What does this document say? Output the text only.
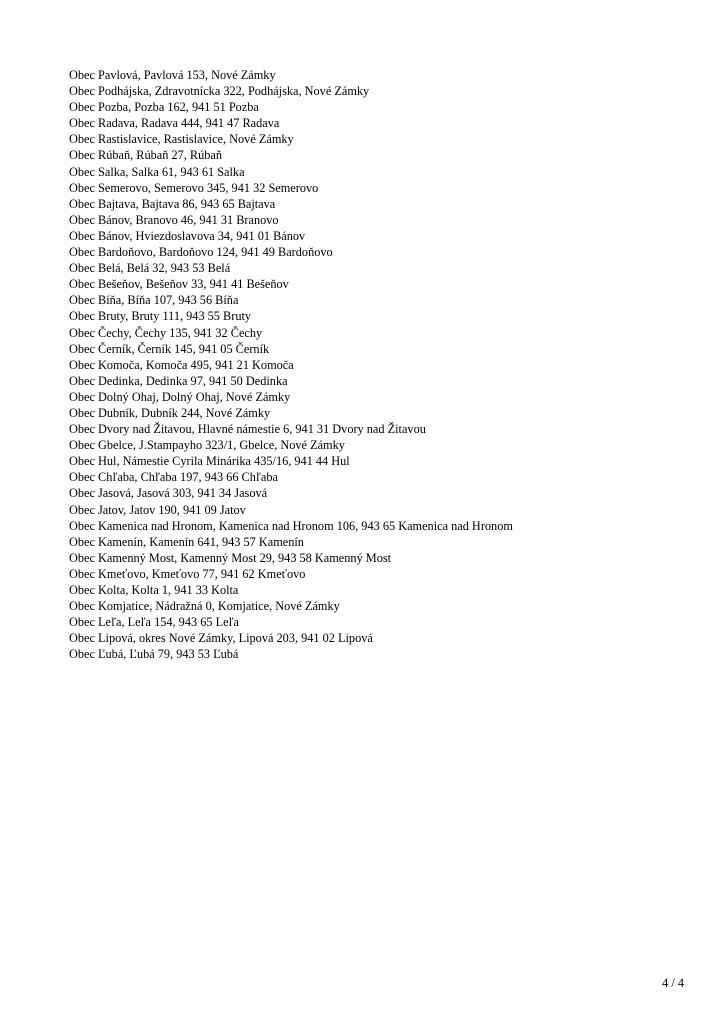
Obec Pavlová, Pavlová 153, Nové Zámky
Obec Podhájska, Zdravotnícka 322, Podhájska, Nové Zámky
Obec Pozba, Pozba 162, 941 51 Pozba
Obec Radava, Radava 444, 941 47 Radava
Obec Rastislavice, Rastislavice, Nové Zámky
Obec Rúbaň, Rúbaň 27, Rúbaň
Obec Salka, Salka 61, 943 61 Salka
Obec Semerovo, Semerovo 345, 941 32 Semerovo
Obec Bajtava, Bajtava 86, 943 65 Bajtava
Obec Bánov, Branovo 46, 941 31 Branovo
Obec Bánov, Hviezdoslavova 34, 941 01 Bánov
Obec Bardoňovo, Bardoňovo 124, 941 49 Bardoňovo
Obec Belá, Belá 32, 943 53 Belá
Obec Bešeňov, Bešeňov 33, 941 41 Bešeňov
Obec Bíňa, Bíňa 107, 943 56 Bíňa
Obec Bruty, Bruty 111, 943 55 Bruty
Obec Čechy, Čechy 135, 941 32 Čechy
Obec Černík, Černík 145, 941 05 Černík
Obec Komoča, Komoča 495, 941 21 Komoča
Obec Dedinka, Dedinka 97, 941 50 Dedinka
Obec Dolný Ohaj, Dolný Ohaj, Nové Zámky
Obec Dubník, Dubník 244, Nové Zámky
Obec Dvory nad Žitavou, Hlavné námestie 6, 941 31 Dvory nad Žitavou
Obec Gbelce, J.Stampayho 323/1, Gbelce, Nové Zámky
Obec Hul, Námestie Cyrila Minárika 435/16, 941 44 Hul
Obec Chľaba, Chľaba 197, 943 66 Chľaba
Obec Jasová, Jasová 303, 941 34 Jasová
Obec Jatov, Jatov 190, 941 09 Jatov
Obec Kamenica nad Hronom, Kamenica nad Hronom 106, 943 65 Kamenica nad Hronom
Obec Kamenín, Kamenín 641, 943 57 Kamenín
Obec Kamenný Most, Kamenný Most 29, 943 58 Kamenný Most
Obec Kmeťovo, Kmeťovo 77, 941 62 Kmeťovo
Obec Kolta, Kolta 1, 941 33 Kolta
Obec Komjatice, Nádražná 0, Komjatice, Nové Zámky
Obec Leľa, Leľa 154, 943 65 Leľa
Obec Lipová, okres Nové Zámky, Lipová 203, 941 02 Lipová
Obec Ľubá, Ľubá 79, 943 53 Ľubá
4 / 4
